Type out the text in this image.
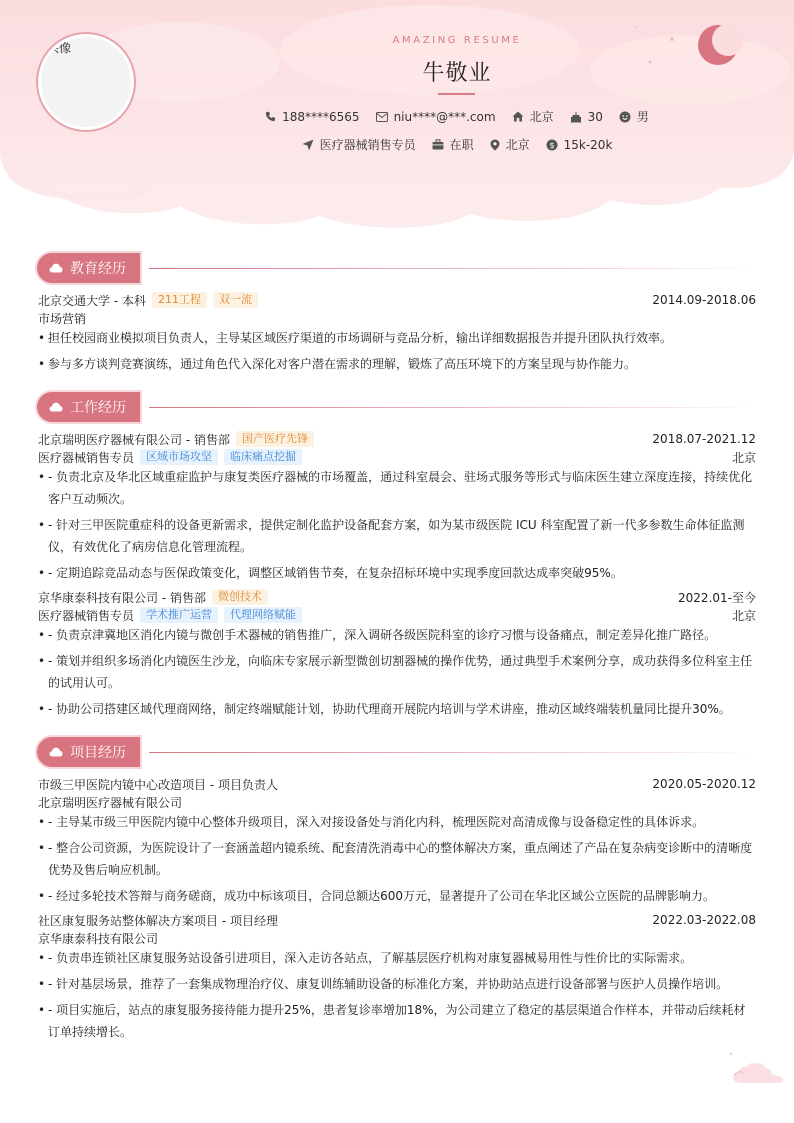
头像
AMAZING RESUME
牛敬业
188****6565	niu****@***.com	北京	30	男
医疗器械销售专员	在职	北京 $ 15k-20k
教育经历
北京交通大学 - 本科	211工程	双一流	2014.09-2018.06
市场营销
• 担任校园商业模拟项目负责人，主导某区域医疗渠道的市场调研与竞品分析，输出详细数据报告并提升团队执行效率。
• 参与多方谈判竞赛演练，通过角色代入深化对客户潜在需求的理解，锻炼了高压环境下的方案呈现与协作能力。
工作经历
北京瑞明医疗器械有限公司 - 销售部	国产医疗先锋	2018.07-2021.12
医疗器械销售专员	区域市场攻坚	临床痛点挖掘	北京
• - 负责北京及华北区域重症监护与康复类医疗器械的市场覆盖，通过科室晨会、驻场式服务等形式与临床医生建立深度连接，持续优化客户互动频次。
• - 针对三甲医院重症科的设备更新需求，提供定制化监护设备配套方案，如为某市级医院 ICU 科室配置了新一代多参数生命体征监测仪，有效优化了病房信息化管理流程。
• - 定期追踪竞品动态与医保政策变化，调整区域销售节奏，在复杂招标环境中实现季度回款达成率突破95%。
京华康泰科技有限公司 - 销售部	微创技术	2022.01-至今
医疗器械销售专员	学术推广运营	代理网络赋能	北京
• - 负责京津冀地区消化内镜与微创手术器械的销售推广，深入调研各级医院科室的诊疗习惯与设备痛点，制定差异化推广路径。
• - 策划并组织多场消化内镜医生沙龙，向临床专家展示新型微创切割器械的操作优势，通过典型手术案例分享，成功获得多位科室主任的试用认可。
• - 协助公司搭建区域代理商网络，制定终端赋能计划，协助代理商开展院内培训与学术讲座，推动区域终端装机量同比提升30%。
项目经历
市级三甲医院内镜中心改造项目 - 项目负责人	2020.05-2020.12
北京瑞明医疗器械有限公司
• - 主导某市级三甲医院内镜中心整体升级项目，深入对接设备处与消化内科，梳理医院对高清成像与设备稳定性的具体诉求。
• - 整合公司资源，为医院设计了一套涵盖超内镜系统、配套清洗消毒中心的整体解决方案，重点阐述了产品在复杂病变诊断中的清晰度优势及售后响应机制。
• - 经过多轮技术答辩与商务磋商，成功中标该项目，合同总额达600万元，显著提升了公司在华北区域公立医院的品牌影响力。
社区康复服务站整体解决方案项目 - 项目经理	2022.03-2022.08
京华康泰科技有限公司
• - 负责串连锁社区康复服务站设备引进项目，深入走访各站点，了解基层医疗机构对康复器械易用性与性价比的实际需求。
• - 针对基层场景，推荐了一套集成物理治疗仪、康复训练辅助设备的标准化方案，并协助站点进行设备部署与医护人员操作培训。
• - 项目实施后，站点的康复服务接待能力提升25%，患者复诊率增加18%，为公司建立了稳定的基层渠道合作样本，并带动后续耗材订单持续增长。
